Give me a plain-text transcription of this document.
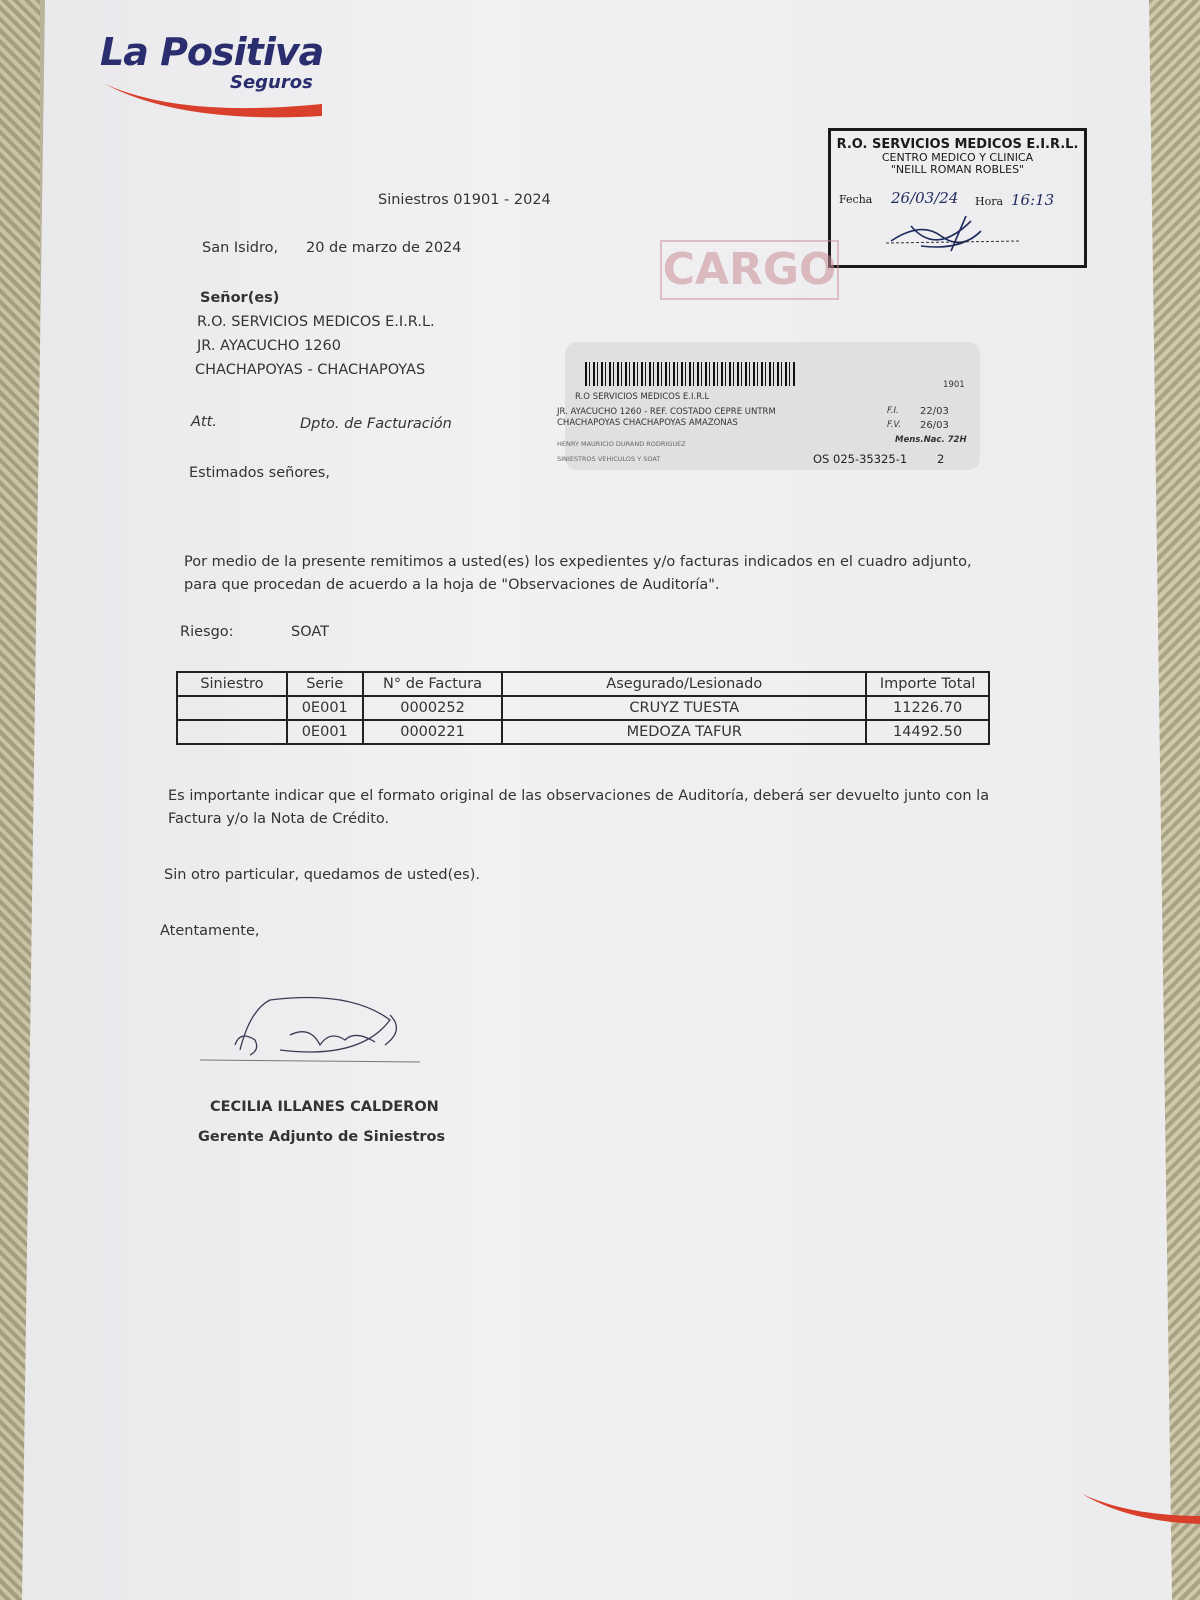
La Positiva
Seguros
Siniestros 01901 - 2024
San Isidro, 20 de marzo de 2024
Señor(es)
R.O. SERVICIOS MEDICOS E.I.R.L.
JR. AYACUCHO 1260
CHACHAPOYAS - CHACHAPOYAS
Att.	Dpto. de Facturación
Estimados señores,
R.O. SERVICIOS MEDICOS E.I.R.L.
CENTRO MEDICO Y CLINICA
"NEILL ROMAN ROBLES"
Fecha 26/03/24 Hora 16:13
CARGO
1901
R.O SERVICIOS MEDICOS E.I.R.L
JR. AYACUCHO 1260 - REF. COSTADO CEPRE UNTRM
CHACHAPOYAS CHACHAPOYAS AMAZONAS
HENRY MAURICIO DURAND RODRIGUEZ
SINIESTROS VEHICULOS Y SOAT
F.I. 22/03
F.V. 26/03
Mens.Nac. 72H
OS 025-35325-1	2
Por medio de la presente remitimos a usted(es) los expedientes y/o facturas indicados en el cuadro adjunto, para que procedan de acuerdo a la hoja de "Observaciones de Auditoría".
Riesgo:	SOAT
Siniestro	Serie	N° de Factura	Asegurado/Lesionado	Importe Total
	0E001	0000252	CRUYZ TUESTA	11226.70
	0E001	0000221	MEDOZA TAFUR	14492.50
Es importante indicar que el formato original de las observaciones de Auditoría, deberá ser devuelto junto con la Factura y/o la Nota de Crédito.
Sin otro particular, quedamos de usted(es).
Atentamente,
CECILIA ILLANES CALDERON
Gerente Adjunto de Siniestros
